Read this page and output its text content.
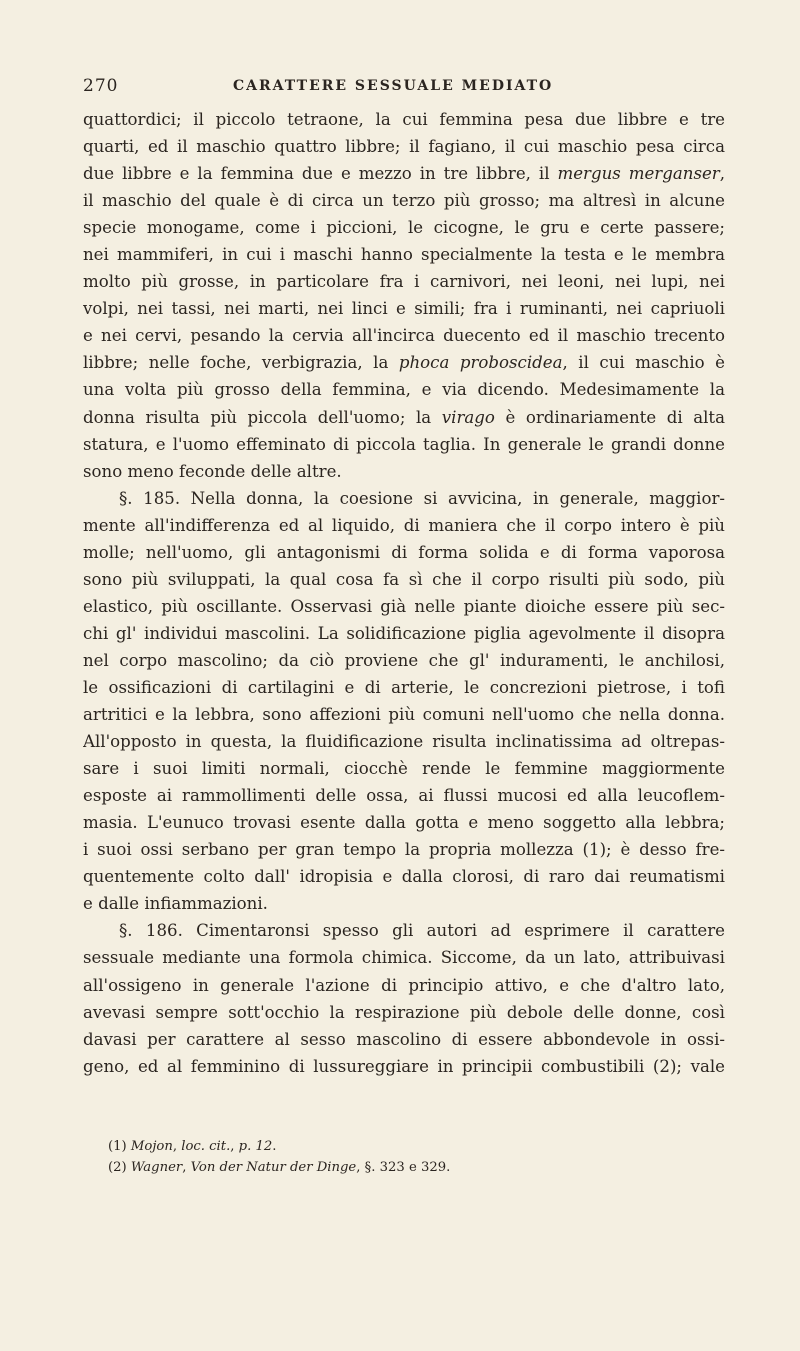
270	CARATTERE SESSUALE MEDIATO
quattordici; il piccolo tetraone, la cui femmina pesa due libbre e tre
quarti, ed il maschio quattro libbre; il fagiano, il cui maschio pesa circa
due libbre e la femmina due e mezzo in tre libbre, il mergus merganser,
il maschio del quale è di circa un terzo più grosso; ma altresì in alcune
specie monogame, come i piccioni, le cicogne, le gru e certe passere;
nei mammiferi, in cui i maschi hanno specialmente la testa e le membra
molto più grosse, in particolare fra i carnivori, nei leoni, nei lupi, nei
volpi, nei tassi, nei marti, nei linci e simili; fra i ruminanti, nei capriuoli
e nei cervi, pesando la cervia all'incirca duecento ed il maschio trecento
libbre; nelle foche, verbigrazia, la phoca proboscidea, il cui maschio è
una volta più grosso della femmina, e via dicendo. Medesimamente la
donna risulta più piccola dell'uomo; la virago è ordinariamente di alta
statura, e l'uomo effeminato di piccola taglia. In generale le grandi donne
sono meno feconde delle altre.
§. 185. Nella donna, la coesione si avvicina, in generale, maggior-
mente all'indifferenza ed al liquido, di maniera che il corpo intero è più
molle; nell'uomo, gli antagonismi di forma solida e di forma vaporosa
sono più sviluppati, la qual cosa fa sì che il corpo risulti più sodo, più
elastico, più oscillante. Osservasi già nelle piante dioiche essere più sec-
chi gl' individui mascolini. La solidificazione piglia agevolmente il disopra
nel corpo mascolino; da ciò proviene che gl' induramenti, le anchilosi,
le ossificazioni di cartilagini e di arterie, le concrezioni pietrose, i tofi
artritici e la lebbra, sono affezioni più comuni nell'uomo che nella donna.
All'opposto in questa, la fluidificazione risulta inclinatissima ad oltrepas-
sare i suoi limiti normali, ciocchè rende le femmine maggiormente
esposte ai rammollimenti delle ossa, ai flussi mucosi ed alla leucoflem-
masia. L'eunuco trovasi esente dalla gotta e meno soggetto alla lebbra;
i suoi ossi serbano per gran tempo la propria mollezza (1); è desso fre-
quentemente colto dall' idropisia e dalla clorosi, di raro dai reumatismi
e dalle infiammazioni.
§. 186. Cimentaronsi spesso gli autori ad esprimere il carattere
sessuale mediante una formola chimica. Siccome, da un lato, attribuivasi
all'ossigeno in generale l'azione di principio attivo, e che d'altro lato,
avevasi sempre sott'occhio la respirazione più debole delle donne, così
davasi per carattere al sesso mascolino di essere abbondevole in ossi-
geno, ed al femminino di lussureggiare in principii combustibili (2); vale
(1) Mojon, loc. cit., p. 12.
(2) Wagner, Von der Natur der Dinge, §. 323 e 329.
